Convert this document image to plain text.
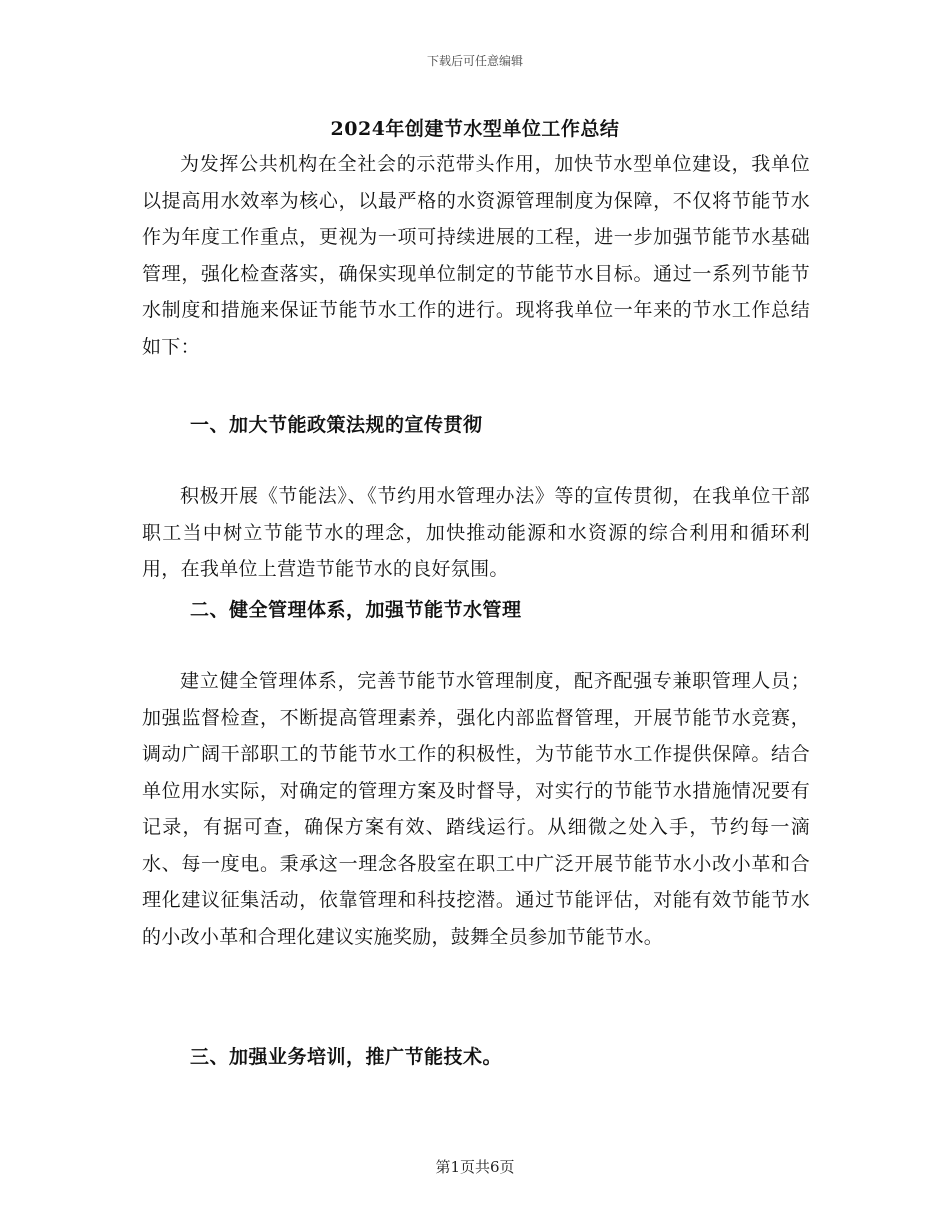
下载后可任意编辑
2024年创建节水型单位工作总结

为发挥公共机构在全社会的示范带头作用，加快节水型单位建设，我单位以提高用水效率为核心，以最严格的水资源管理制度为保障，不仅将节能节水作为年度工作重点，更视为一项可持续进展的工程，进一步加强节能节水基础管理，强化检查落实，确保实现单位制定的节能节水目标。通过一系列节能节水制度和措施来保证节能节水工作的进行。现将我单位一年来的节水工作总结如下：

一、加大节能政策法规的宣传贯彻

积极开展《节能法》、《节约用水管理办法》等的宣传贯彻，在我单位干部职工当中树立节能节水的理念，加快推动能源和水资源的综合利用和循环利用，在我单位上营造节能节水的良好氛围。

二、健全管理体系，加强节能节水管理

建立健全管理体系，完善节能节水管理制度，配齐配强专兼职管理人员；加强监督检查，不断提高管理素养，强化内部监督管理，开展节能节水竞赛，调动广阔干部职工的节能节水工作的积极性，为节能节水工作提供保障。结合单位用水实际，对确定的管理方案及时督导，对实行的节能节水措施情况要有记录，有据可查，确保方案有效、踏线运行。从细微之处入手，节约每一滴水、每一度电。秉承这一理念各股室在职工中广泛开展节能节水小改小革和合理化建议征集活动，依靠管理和科技挖潜。通过节能评估，对能有效节能节水的小改小革和合理化建议实施奖励，鼓舞全员参加节能节水。

三、加强业务培训，推广节能技术。
第1页共6页
